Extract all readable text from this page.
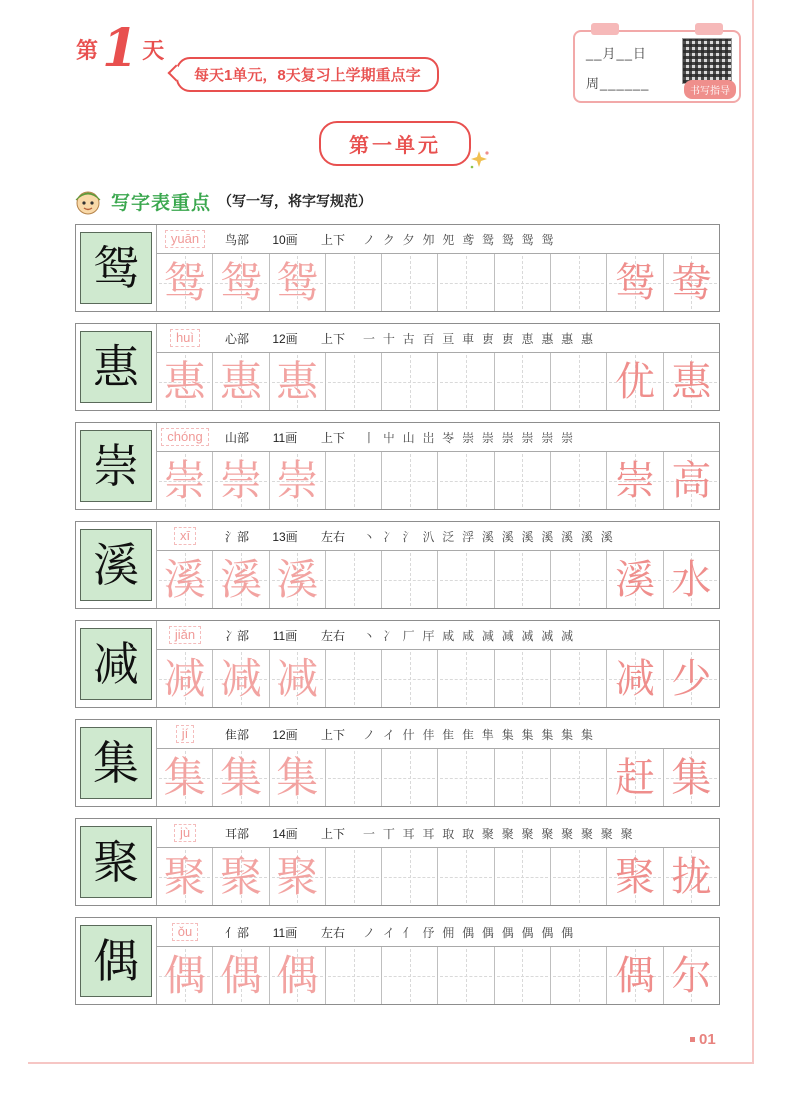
第 1 天
每天1单元，8天复习上学期重点字
__月__日
周______
书写指导
第一单元
写字表重点 （写一写，将字写规范）
鸳
yuān	鸟部	10画	上下	ノ ク 夕 夘 夗 鸢 鸳 鸳 鸳 鸳
鸳 鸳 鸳	鸳 鸯
惠
huì	心部	12画	上下	一 十 古 百 亘 車 叀 叀 恵 惠 惠 惠
惠 惠 惠	优 惠
崇
chóng	山部	11画	上下	丨 屮 山 岀 岺 崇 崇 崇 崇 崇 崇
崇 崇 崇	崇 高
溪
xī	氵部	13画	左右	丶 冫 氵 汃 泛 浮 溪 溪 溪 溪 溪 溪 溪
溪 溪 溪	溪 水
减
jiǎn	冫部	11画	左右	丶 冫 厂 厈 咸 咸 减 减 减 减 减
减 减 减	减 少
集
jí	隹部	12画	上下	ノ イ 什 仹 隹 隹 隼 集 集 集 集 集
集 集 集	赶 集
聚
jù	耳部	14画	上下	一 丅 耳 耳 取 取 聚 聚 聚 聚 聚 聚 聚 聚
聚 聚 聚	聚 拢
偶
ǒu	亻部	11画	左右	ノ イ 亻 伃 佣 偶 偶 偶 偶 偶 偶
偶 偶 偶	偶 尔
01
